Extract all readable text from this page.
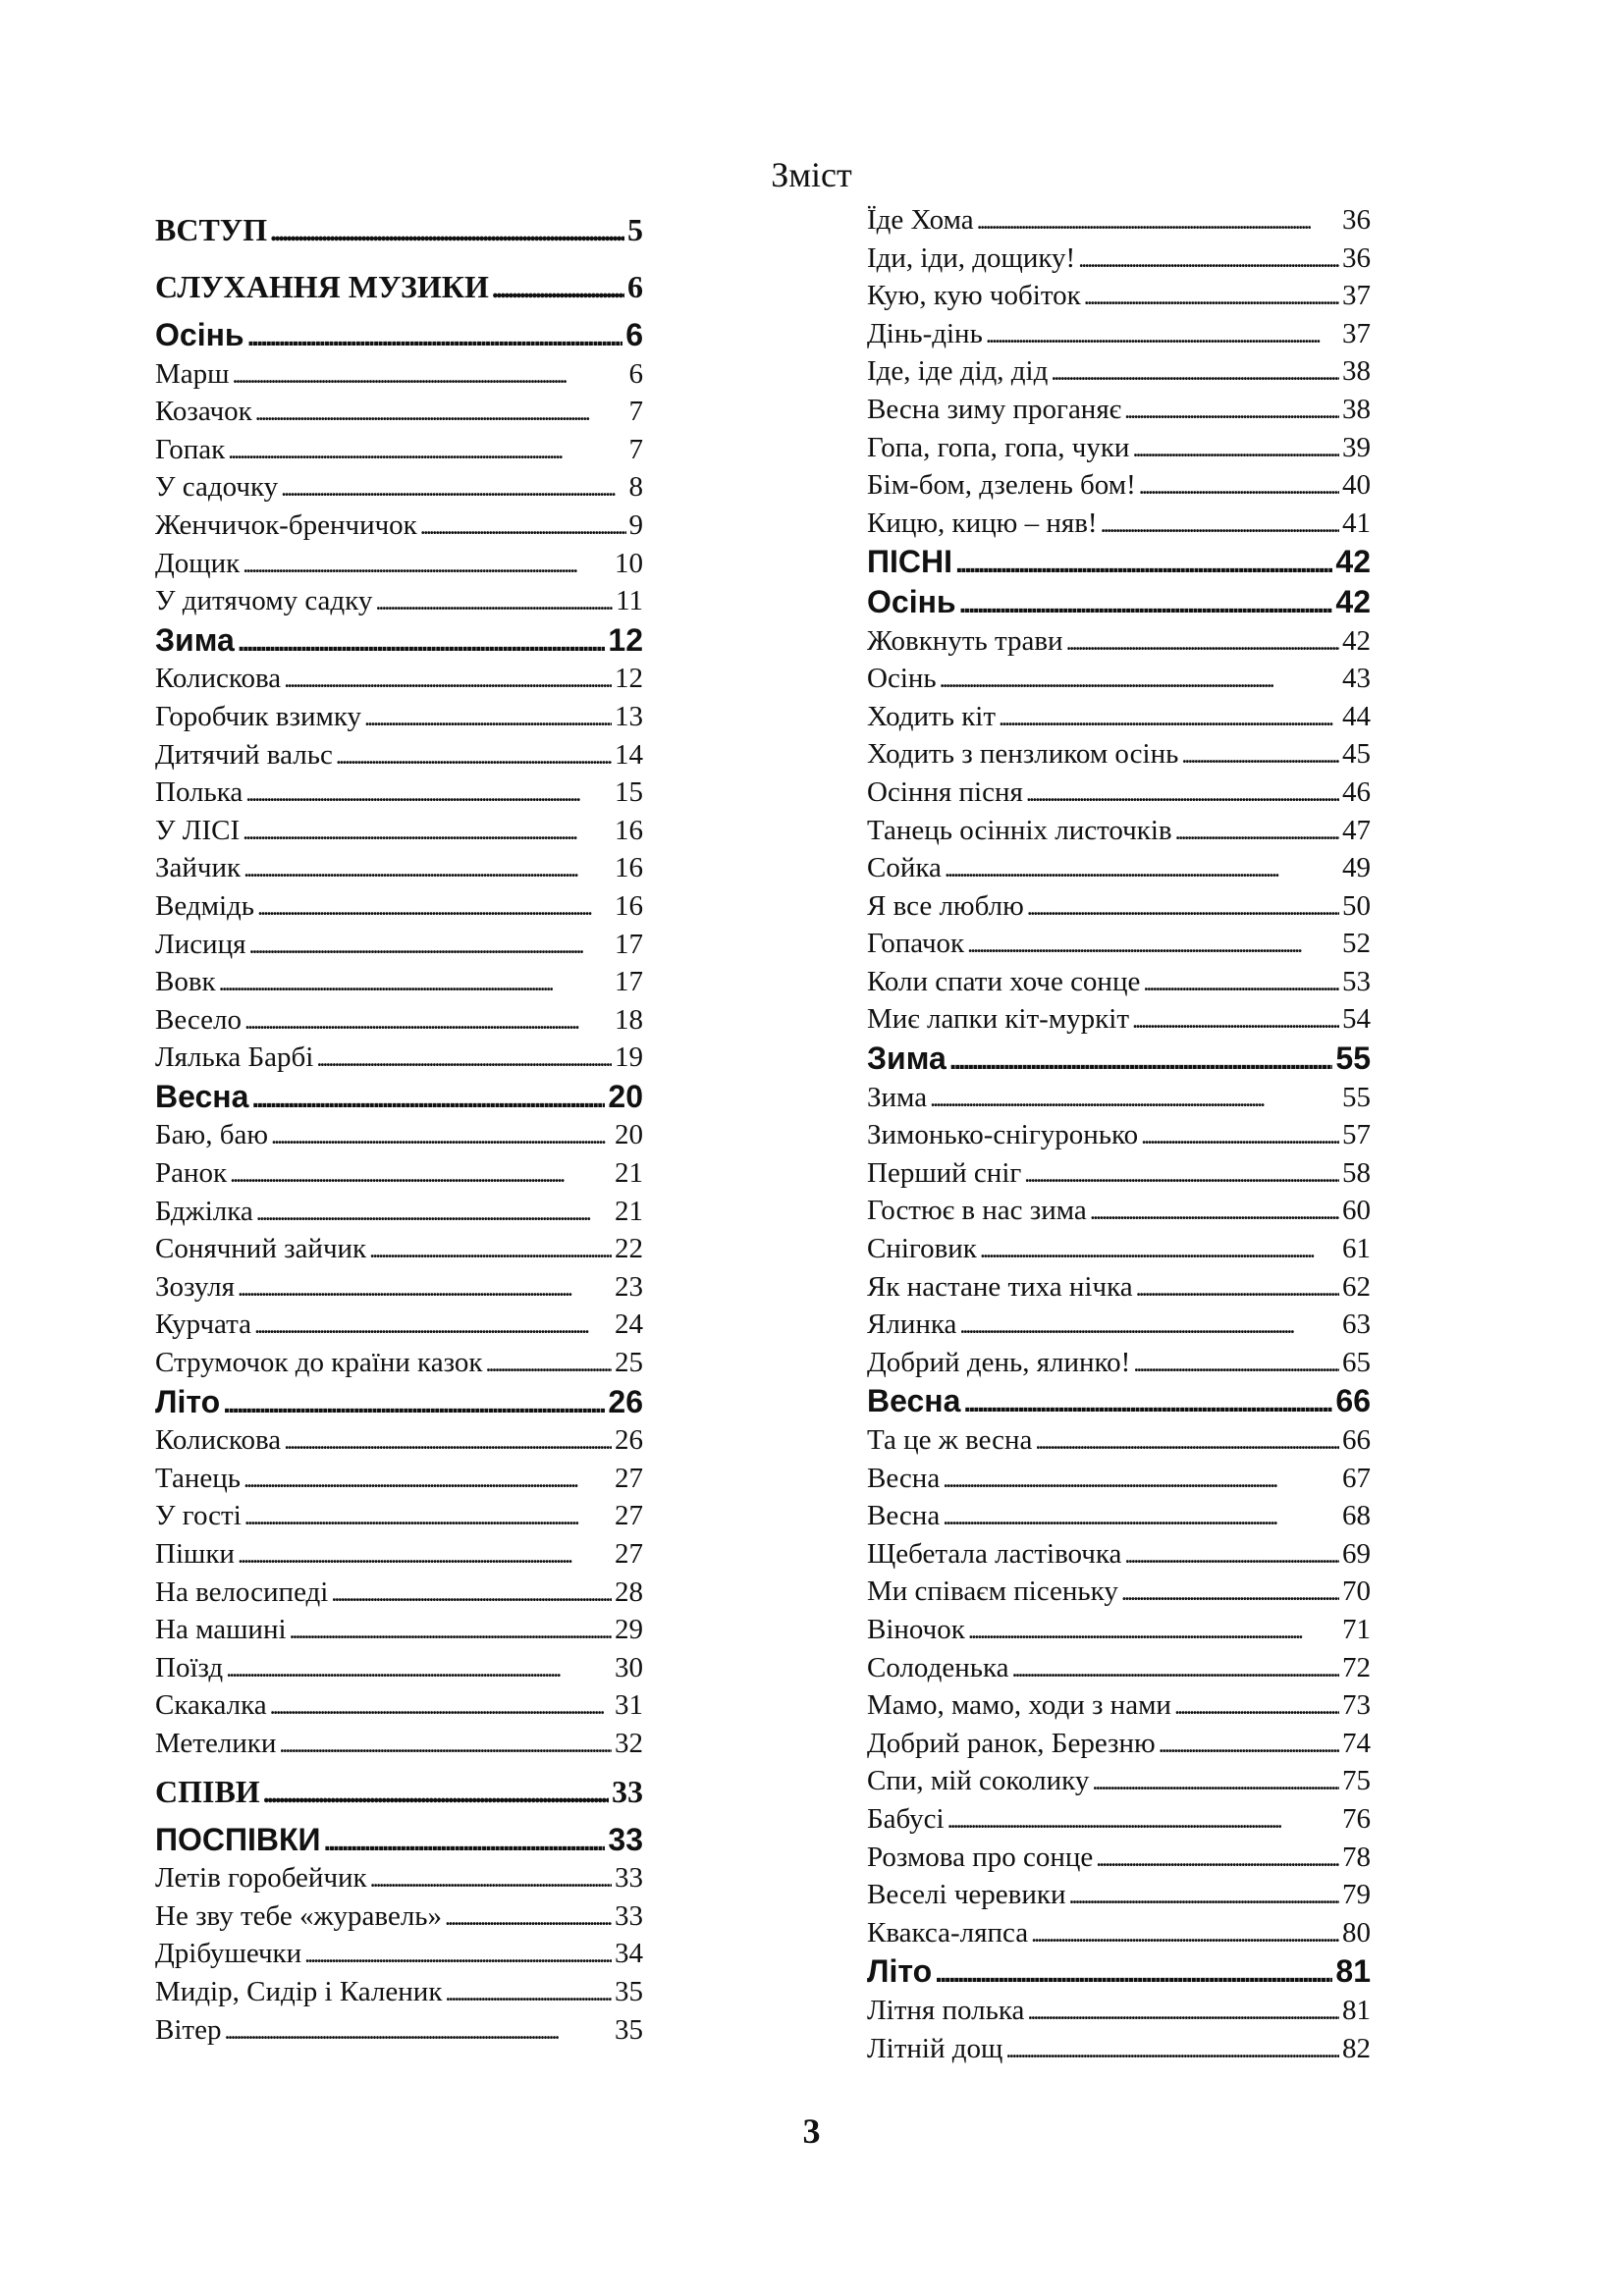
Зміст
ВСТУП . . .	5
СЛУХАННЯ МУЗИКИ . . .	6
Осінь . . .	6
Марш . . .	6
Козачок . . .	7
Гопак . . .	7
У садочку . . .	8
Женчичок-бренчичок . . .	9
Дощик . . .	10
У дитячому садку . . .	11
Зима . . .	12
Колискова . . .	12
Горобчик взимку . . .	13
Дитячий вальс . . .	14
Полька . . .	15
У ЛІСІ . . .	16
Зайчик . . .	16
Ведмідь . . .	16
Лисиця . . .	17
Вовк . . .	17
Весело . . .	18
Лялька Барбі . . .	19
Весна . . .	20
Баю, баю . . .	20
Ранок . . .	21
Бджілка . . .	21
Сонячний зайчик . . .	22
Зозуля . . .	23
Курчата . . .	24
Струмочок до країни казок . . .	25
Літо . . .	26
Колискова . . .	26
Танець . . .	27
У гості . . .	27
Пішки . . .	27
На велосипеді . . .	28
На машині . . .	29
Поїзд . . .	30
Скакалка . . .	31
Метелики . . .	32
СПІВИ . . .	33
ПОСПІВКИ . . .	33
Летів горобейчик . . .	33
Не зву тебе «журавель» . . .	33
Дрібушечки . . .	34
Мидір, Сидір і Каленик . . .	35
Вітер . . .	35
Їде Хома . . .	36
Іди, іди, дощику! . . .	36
Кую, кую чобіток . . .	37
Дінь-дінь . . .	37
Іде, іде дід, дід . . .	38
Весна зиму проганяє . . .	38
Гопа, гопа, гопа, чуки . . .	39
Бім-бом, дзелень бом! . . .	40
Кицю, кицю – няв! . . .	41
ПІСНІ . . .	42
Осінь . . .	42
Жовкнуть трави . . .	42
Осінь . . .	43
Ходить кіт . . .	44
Ходить з пензликом осінь . . .	45
Осіння пісня . . .	46
Танець осінніх листочків . . .	47
Сойка . . .	49
Я все люблю . . .	50
Гопачок . . .	52
Коли спати хоче сонце . . .	53
Миє лапки кіт-муркіт . . .	54
Зима . . .	55
Зима . . .	55
Зимонько-снігуронько . . .	57
Перший сніг . . .	58
Гостює в нас зима . . .	60
Сніговик . . .	61
Як настане тиха нічка . . .	62
Ялинка . . .	63
Добрий день, ялинко! . . .	65
Весна . . .	66
Та це ж весна . . .	66
Весна . . .	67
Весна . . .	68
Щебетала ластівочка . . .	69
Ми співаєм пісеньку . . .	70
Віночок . . .	71
Солоденька . . .	72
Мамо, мамо, ходи з нами . . .	73
Добрий ранок, Березню . . .	74
Спи, мій соколику . . .	75
Бабусі . . .	76
Розмова про сонце . . .	78
Веселі черевики . . .	79
Квакса-ляпса . . .	80
Літо . . .	81
Літня полька . . .	81
Літній дощ . . .	82
3
